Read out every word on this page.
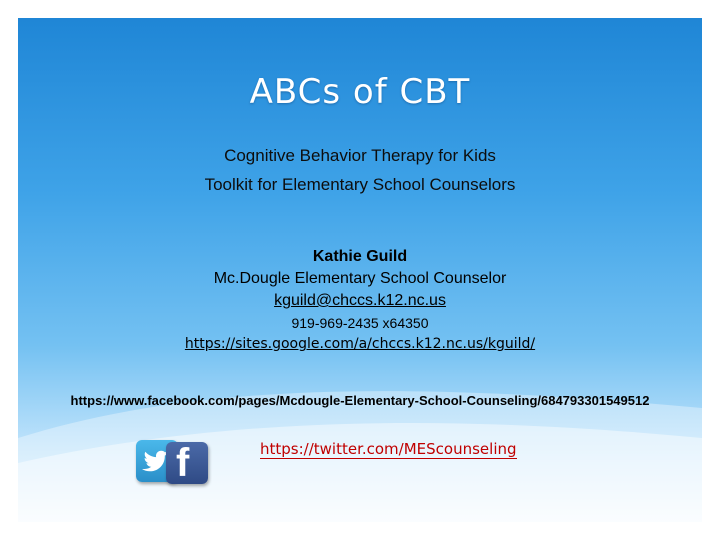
ABCs of CBT
Cognitive Behavior Therapy for Kids
Toolkit for Elementary School Counselors
Kathie Guild
Mc.Dougle Elementary School Counselor
kguild@chccs.k12.nc.us
919-969-2435 x64350
https://sites.google.com/a/chccs.k12.nc.us/kguild/
https://www.facebook.com/pages/Mcdougle-Elementary-School-Counseling/684793301549512
f	https://twitter.com/MEScounseling
